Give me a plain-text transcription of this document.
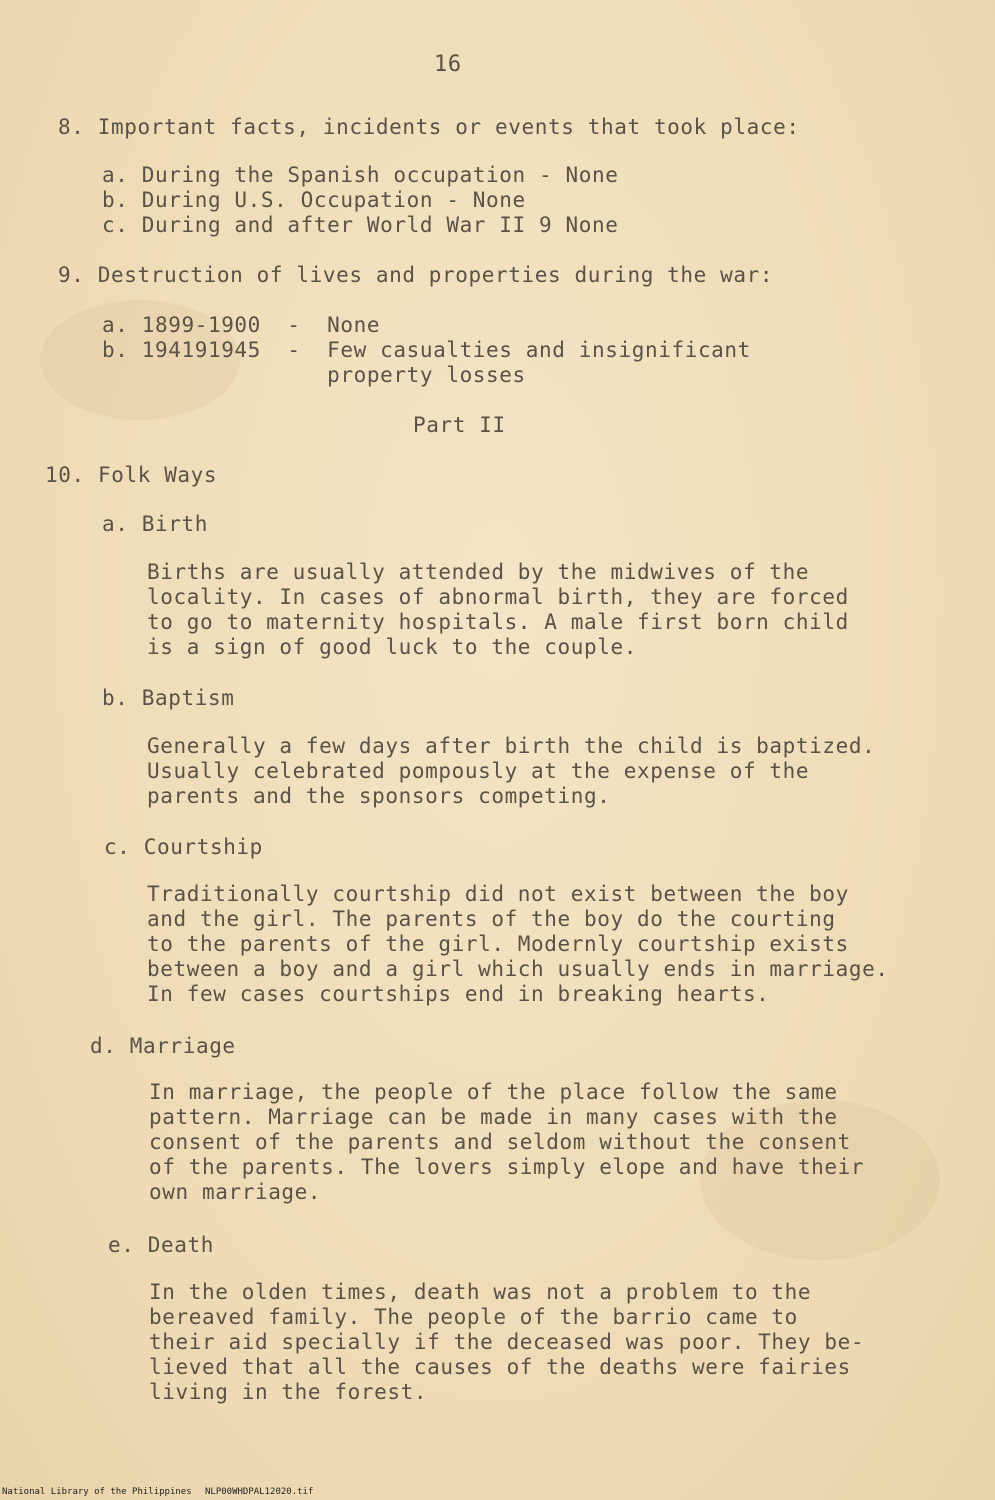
16
8. Important facts, incidents or events that took place:
a. During the Spanish occupation - None
b. During U.S. Occupation - None
c. During and after World War II 9 None
9. Destruction of lives and properties during the war:
a. 1899-1900  -  None
b. 194191945  -  Few casualties and insignificant
property losses
Part II
10. Folk Ways
a. Birth
Births are usually attended by the midwives of the
locality. In cases of abnormal birth, they are forced
to go to maternity hospitals. A male first born child
is a sign of good luck to the couple.
b. Baptism
Generally a few days after birth the child is baptized.
Usually celebrated pompously at the expense of the
parents and the sponsors competing.
c. Courtship
Traditionally courtship did not exist between the boy
and the girl. The parents of the boy do the courting
to the parents of the girl. Modernly courtship exists
between a boy and a girl which usually ends in marriage.
In few cases courtships end in breaking hearts.
d. Marriage
In marriage, the people of the place follow the same
pattern. Marriage can be made in many cases with the
consent of the parents and seldom without the consent
of the parents. The lovers simply elope and have their
own marriage.
e. Death
In the olden times, death was not a problem to the
bereaved family. The people of the barrio came to
their aid specially if the deceased was poor. They be-
lieved that all the causes of the deaths were fairies
living in the forest.
National Library of the Philippines NLP00WHDPAL12020.tif
